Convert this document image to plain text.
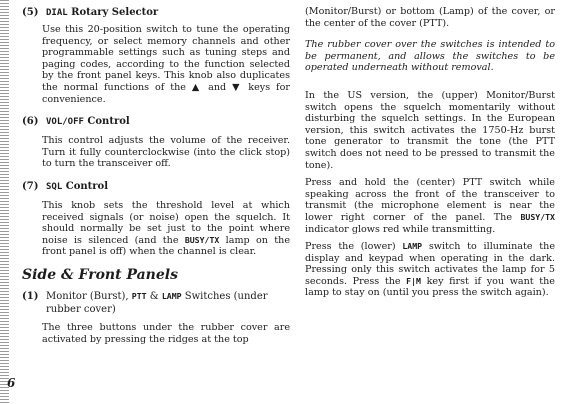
(5) DIAL Rotary Selector

Use this 20-position switch to tune the operating frequency, or select memory channels and other programmable settings such as tuning steps and paging codes, according to the function selected by the front panel keys. This knob also duplicates the normal functions of the ▲ and ▼ keys for convenience.

(6) VOL/OFF Control

This control adjusts the volume of the receiver. Turn it fully counterclockwise (into the click stop) to turn the transceiver off.

(7) SQL Control

This knob sets the threshold level at which received signals (or noise) open the squelch. It should normally be set just to the point where noise is silenced (and the BUSY/TX lamp on the front panel is off) when the channel is clear.

Side & Front Panels
(1) Monitor (Burst), PTT & LAMP Switches (under rubber cover)

The three buttons under the rubber cover are activated by pressing the ridges at the top

(Monitor/Burst) or bottom (Lamp) of the cover, or the center of the cover (PTT).

The rubber cover over the switches is intended to be permanent, and allows the switches to be operated underneath without removal.

In the US version, the (upper) Monitor/Burst switch opens the squelch momentarily without disturbing the squelch settings. In the European version, this switch activates the 1750-Hz burst tone generator to transmit the tone (the PTT switch does not need to be pressed to transmit the tone).

Press and hold the (center) PTT switch while speaking across the front of the transceiver to transmit (the microphone element is near the lower right corner of the panel. The BUSY/TX indicator glows red while transmitting.

Press the (lower) LAMP switch to illuminate the display and keypad when operating in the dark. Pressing only this switch activates the lamp for 5 seconds. Press the F|M key first if you want the lamp to stay on (until you press the switch again).

6
